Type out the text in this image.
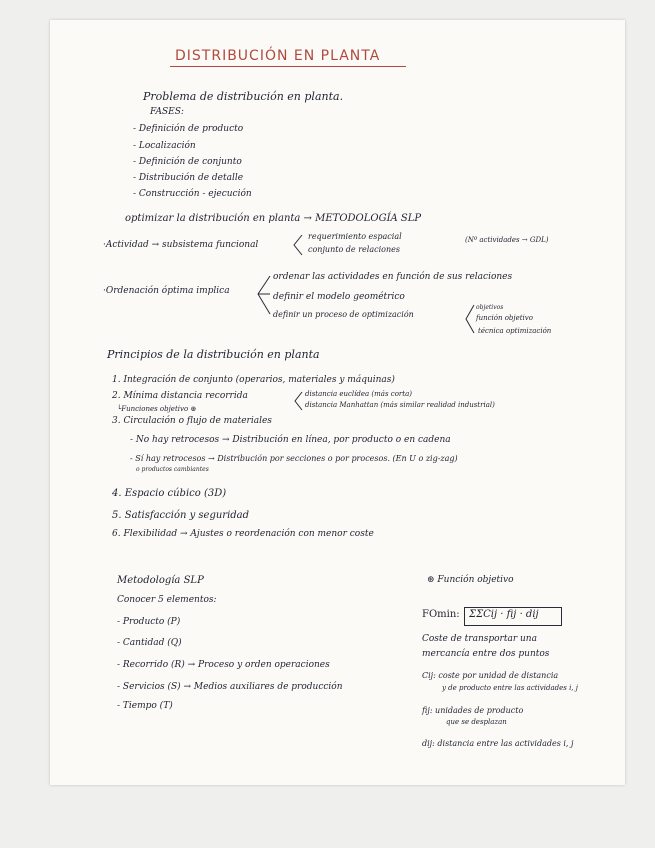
DISTRIBUCIÓN EN PLANTA
Problema de distribución en planta.
FASES:
- Definición de producto
- Localización
- Definición de conjunto
- Distribución de detalle
- Construcción - ejecución
optimizar la distribución en planta → METODOLOGÍA SLP
·Actividad → subsistema funcional
requerimiento espacial
conjunto de relaciones
(Nº actividades → GDL)
·Ordenación óptima implica
ordenar las actividades en función de sus relaciones
definir el modelo geométrico
definir un proceso de optimización
objetivos
función objetivo
técnica optimización
Principios de la distribución en planta
1. Integración de conjunto (operarios, materiales y máquinas)
2. Mínima distancia recorrida
└Funciones objetivo ⊛
distancia euclídea (más corta)
distancia Manhattan (más similar realidad industrial)
3. Circulación o flujo de materiales
- No hay retrocesos → Distribución en línea, por producto o en cadena
- Sí hay retrocesos → Distribución por secciones o por procesos. (En U o zig-zag)
o productos cambiantes
4. Espacio cúbico (3D)
5. Satisfacción y seguridad
6. Flexibilidad → Ajustes o reordenación con menor coste
Metodología SLP
Conocer 5 elementos:
- Producto (P)
- Cantidad (Q)
- Recorrido (R) → Proceso y orden operaciones
- Servicios (S) → Medios auxiliares de producción
- Tiempo (T)
⊛ Función objetivo
FOmin: ΣΣCij · fij · dij
Coste de transportar una
mercancía entre dos puntos
Cij: coste por unidad de distancia
y de producto entre las actividades i, j
fij: unidades de producto
que se desplazan
dij: distancia entre las actividades i, j
